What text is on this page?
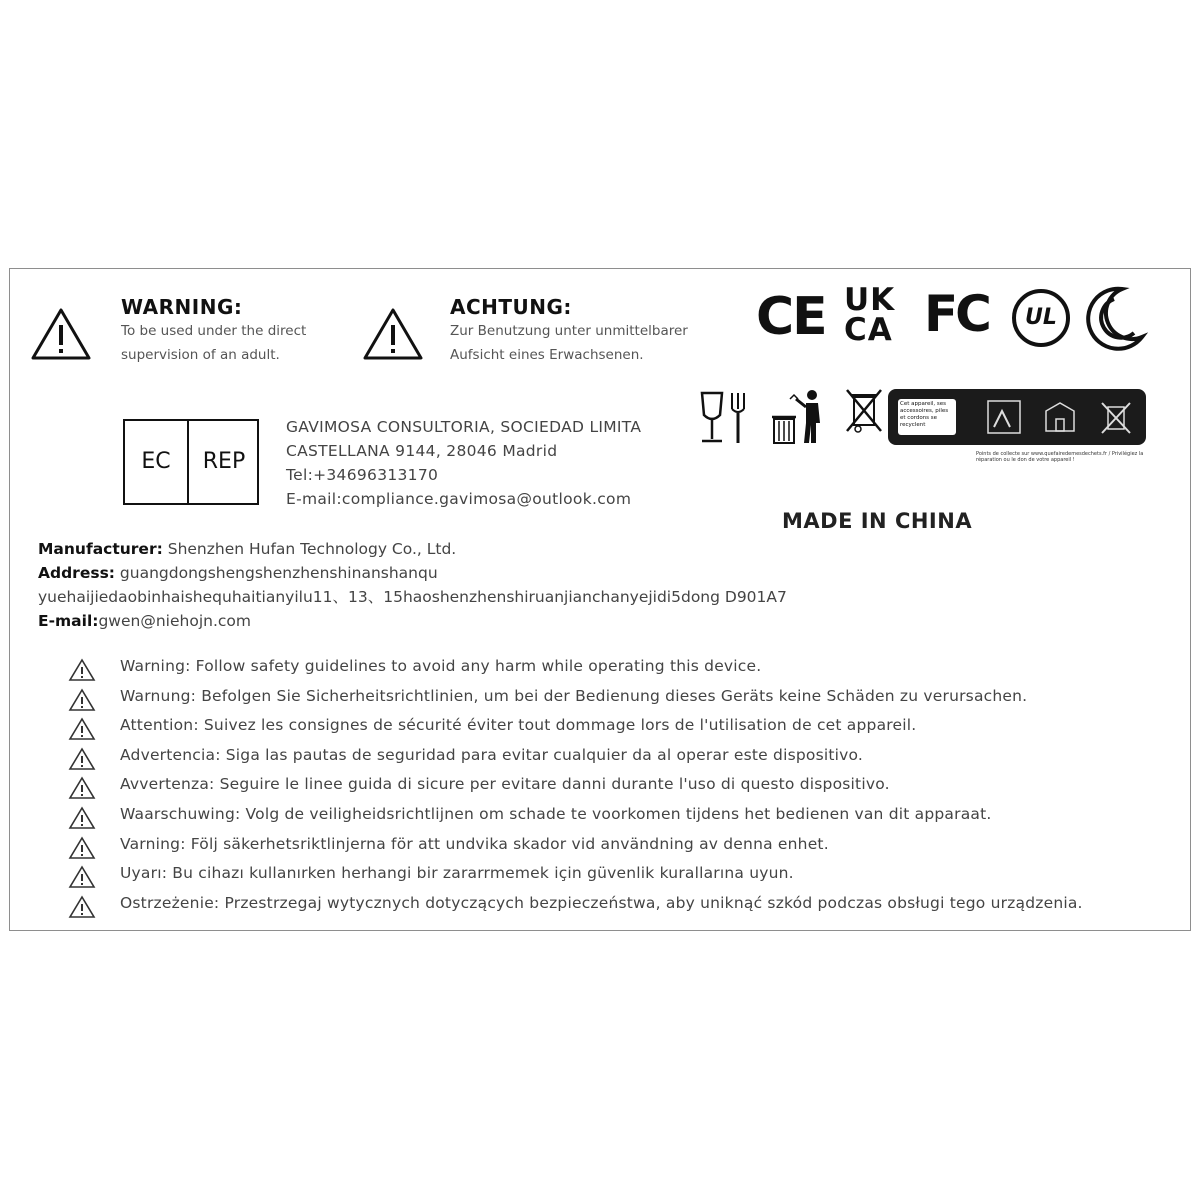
WARNING:
To be used under the direct
supervision of an adult.
ACHTUNG:
Zur Benutzung unter unmittelbarer
Aufsicht eines Erwachsenen.
CE UK
CA FC	UL
Cet appareil, ses accessoires, piles et cordons se recyclent
Points de collecte sur www.quefairedemesdechets.fr / Privilégiez la réparation ou le don de votre appareil !
EC	REP
GAVIMOSA CONSULTORIA, SOCIEDAD LIMITA
CASTELLANA 9144, 28046 Madrid
Tel:+34696313170
E-mail:compliance.gavimosa@outlook.com
MADE IN CHINA
Manufacturer: Shenzhen Hufan Technology Co., Ltd.
Address: guangdongshengshenzhenshinanshanqu
yuehaijiedaobinhaishequhaitianyilu11、13、15haoshenzhenshiruanjianchanyejidi5dong D901A7
E-mail:gwen@niehojn.com
Warning: Follow safety guidelines to avoid any harm while operating this device.
Warnung: Befolgen Sie Sicherheitsrichtlinien, um bei der Bedienung dieses Geräts keine Schäden zu verursachen.
Attention: Suivez les consignes de sécurité éviter tout dommage lors de l'utilisation de cet appareil.
Advertencia: Siga las pautas de seguridad para evitar cualquier da al operar este dispositivo.
Avvertenza: Seguire le linee guida di sicure per evitare danni durante l'uso di questo dispositivo.
Waarschuwing: Volg de veiligheidsrichtlijnen om schade te voorkomen tijdens het bedienen van dit apparaat.
Varning: Följ säkerhetsriktlinjerna för att undvika skador vid användning av denna enhet.
Uyarı: Bu cihazı kullanırken herhangi bir zararrmemek için güvenlik kurallarına uyun.
Ostrzeżenie: Przestrzegaj wytycznych dotyczących bezpieczeństwa, aby uniknąć szkód podczas obsługi tego urządzenia.
